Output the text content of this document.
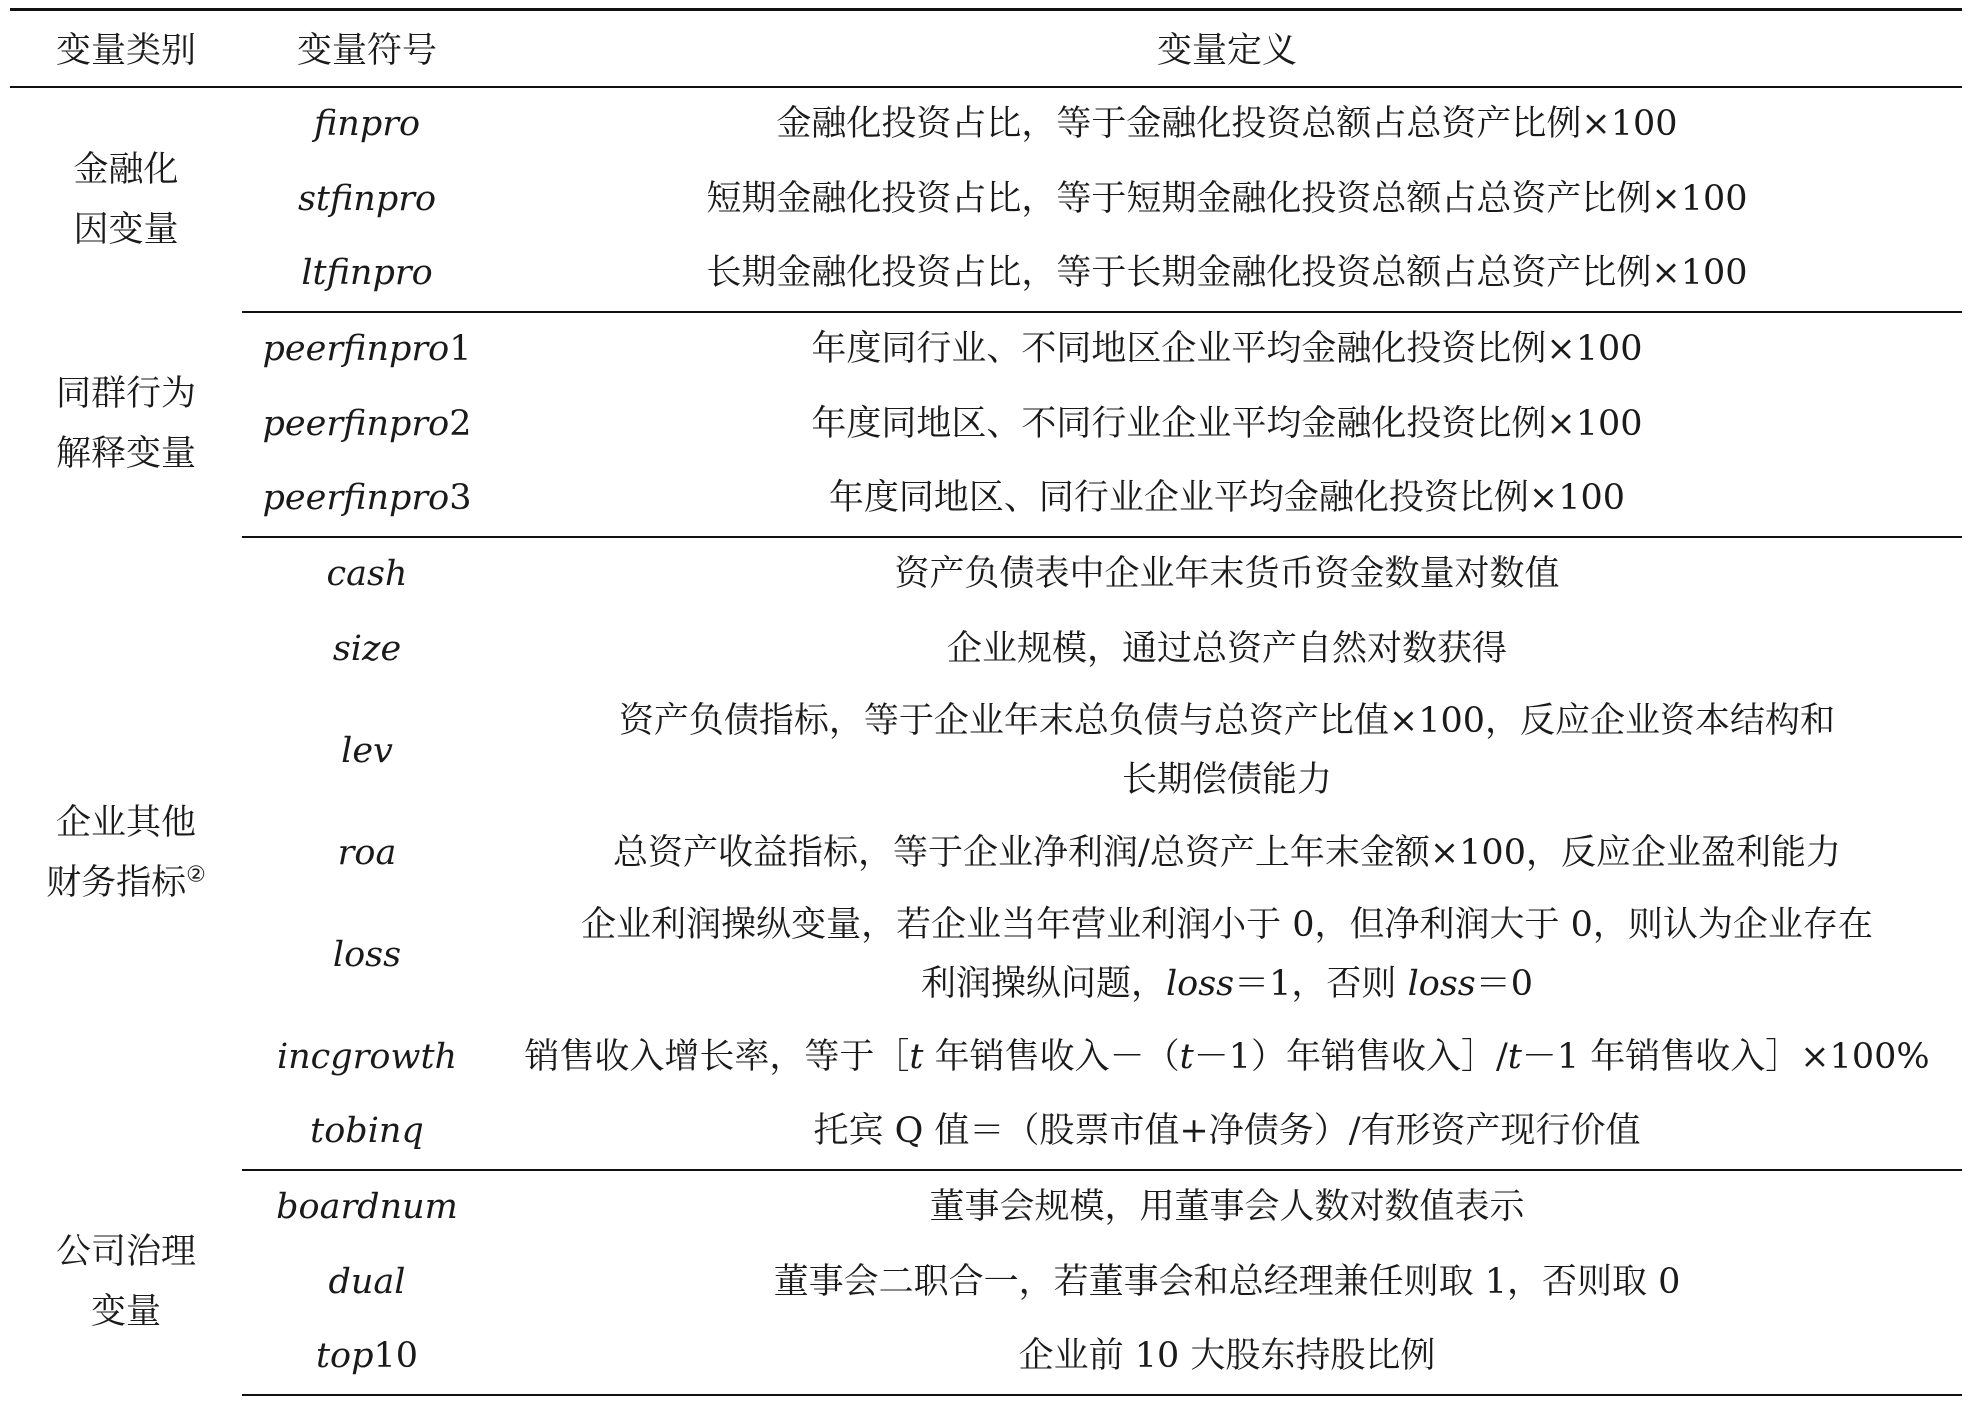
变量类别	变量符号	变量定义
金融化
因变量	finpro	金融化投资占比，等于金融化投资总额占总资产比例×100
	stfinpro	短期金融化投资占比，等于短期金融化投资总额占总资产比例×100
	ltfinpro	长期金融化投资占比，等于长期金融化投资总额占总资产比例×100
同群行为
解释变量	peerfinpro1	年度同行业、不同地区企业平均金融化投资比例×100
	peerfinpro2	年度同地区、不同行业企业平均金融化投资比例×100
	peerfinpro3	年度同地区、同行业企业平均金融化投资比例×100
企业其他
财务指标②	cash	资产负债表中企业年末货币资金数量对数值
	size	企业规模，通过总资产自然对数获得
	lev	资产负债指标，等于企业年末总负债与总资产比值×100，反应企业资本结构和
长期偿债能力
	roa	总资产收益指标，等于企业净利润/总资产上年末金额×100，反应企业盈利能力
	loss	企业利润操纵变量，若企业当年营业利润小于 0，但净利润大于 0，则认为企业存在
利润操纵问题，loss＝1，否则 loss＝0
	incgrowth	销售收入增长率，等于［t 年销售收入－（t－1）年销售收入］/t－1 年销售收入］×100%
	tobinq	托宾 Q 值＝（股票市值+净债务）/有形资产现行价值
公司治理
变量	boardnum	董事会规模，用董事会人数对数值表示
	dual	董事会二职合一，若董事会和总经理兼任则取 1，否则取 0
	top10	企业前 10 大股东持股比例
